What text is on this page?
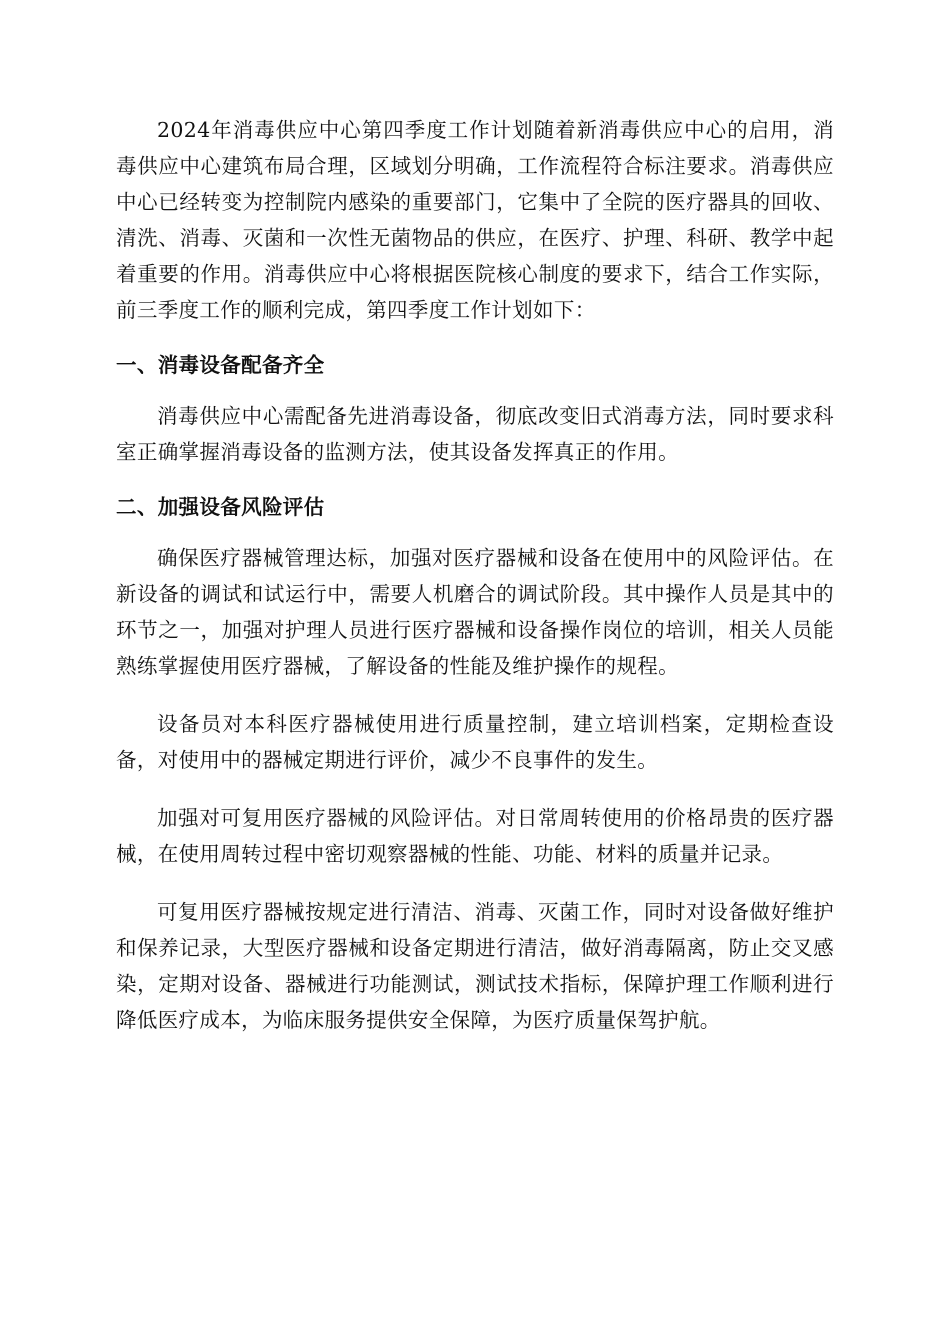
2024年消毒供应中心第四季度工作计划随着新消毒供应中心的启用，消毒供应中心建筑布局合理，区域划分明确，工作流程符合标注要求。消毒供应中心已经转变为控制院内感染的重要部门，它集中了全院的医疗器具的回收、清洗、消毒、灭菌和一次性无菌物品的供应，在医疗、护理、科研、教学中起着重要的作用。消毒供应中心将根据医院核心制度的要求下，结合工作实际，前三季度工作的顺利完成，第四季度工作计划如下：

一、消毒设备配备齐全

消毒供应中心需配备先进消毒设备，彻底改变旧式消毒方法，同时要求科室正确掌握消毒设备的监测方法，使其设备发挥真正的作用。

二、加强设备风险评估

确保医疗器械管理达标，加强对医疗器械和设备在使用中的风险评估。在新设备的调试和试运行中，需要人机磨合的调试阶段。其中操作人员是其中的环节之一，加强对护理人员进行医疗器械和设备操作岗位的培训，相关人员能熟练掌握使用医疗器械，了解设备的性能及维护操作的规程。

设备员对本科医疗器械使用进行质量控制，建立培训档案，定期检查设备，对使用中的器械定期进行评价，减少不良事件的发生。

加强对可复用医疗器械的风险评估。对日常周转使用的价格昂贵的医疗器械，在使用周转过程中密切观察器械的性能、功能、材料的质量并记录。

可复用医疗器械按规定进行清洁、消毒、灭菌工作，同时对设备做好维护和保养记录，大型医疗器械和设备定期进行清洁，做好消毒隔离，防止交叉感染，定期对设备、器械进行功能测试，测试技术指标，保障护理工作顺利进行降低医疗成本，为临床服务提供安全保障，为医疗质量保驾护航。
